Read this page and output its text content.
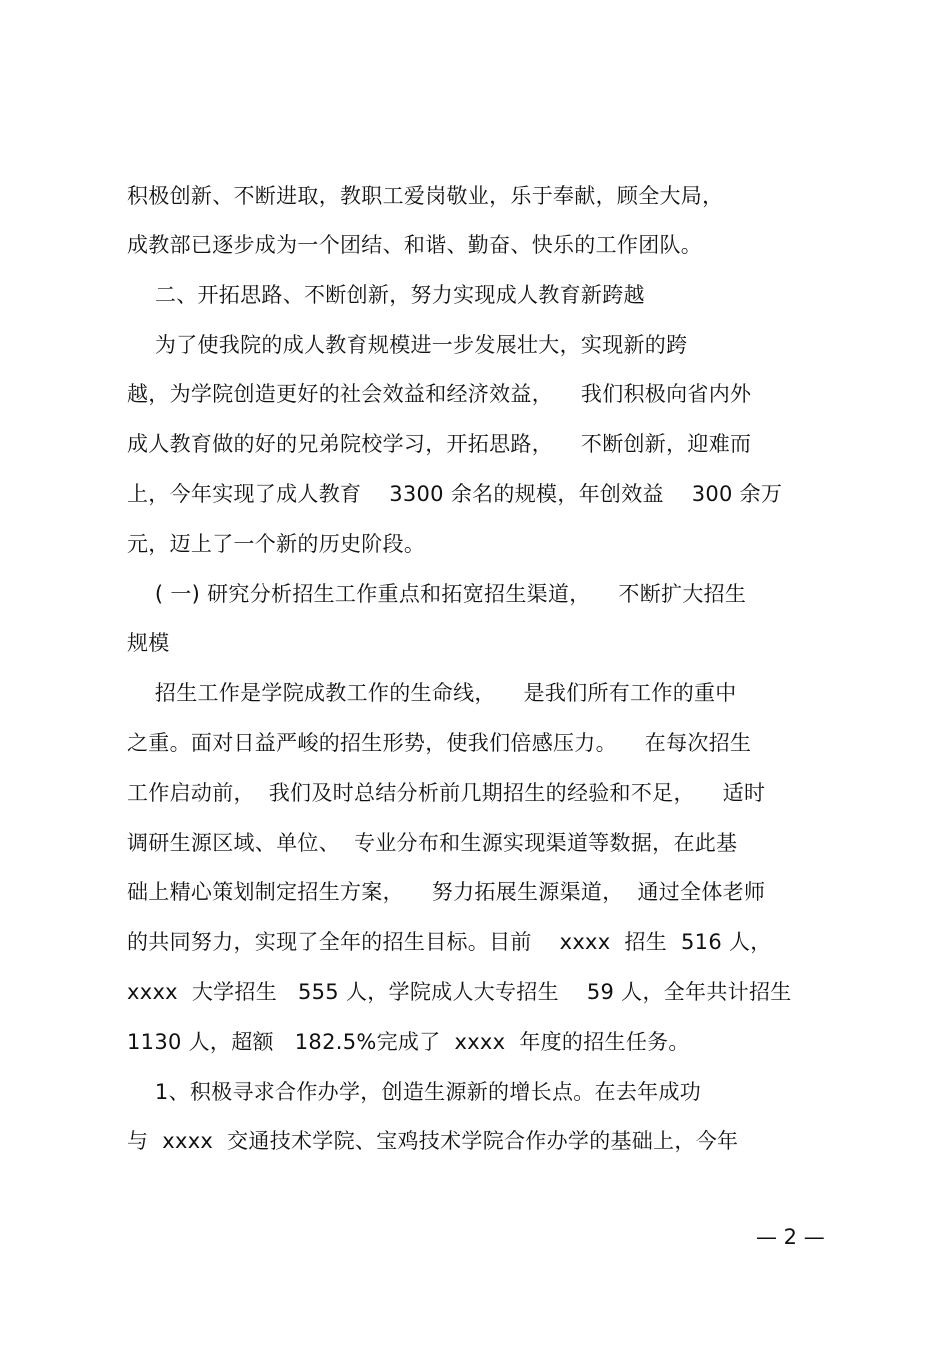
积极创新、不断进取，教职工爱岗敬业，乐于奉献，顾全大局，
成教部已逐步成为一个团结、和谐、勤奋、快乐的工作团队。
二、开拓思路、不断创新，努力实现成人教育新跨越
为了使我院的成人教育规模进一步发展壮大，实现新的跨
越，为学院创造更好的社会效益和经济效益，    我们积极向省内外
成人教育做的好的兄弟院校学习，开拓思路，    不断创新，迎难而
上，今年实现了成人教育    3300 余名的规模，年创效益    300 余万
元，迈上了一个新的历史阶段。
( 一) 研究分析招生工作重点和拓宽招生渠道，    不断扩大招生
规模
招生工作是学院成教工作的生命线，    是我们所有工作的重中
之重。面对日益严峻的招生形势，使我们倍感压力。    在每次招生
工作启动前，  我们及时总结分析前几期招生的经验和不足，    适时
调研生源区域、单位、  专业分布和生源实现渠道等数据，在此基
础上精心策划制定招生方案，    努力拓展生源渠道，  通过全体老师
的共同努力，实现了全年的招生目标。目前    xxxx  招生  516 人，
xxxx  大学招生   555 人，学院成人大专招生    59 人，全年共计招生
1130 人，超额   182.5%完成了  xxxx  年度的招生任务。
1、积极寻求合作办学，创造生源新的增长点。在去年成功
与  xxxx  交通技术学院、宝鸡技术学院合作办学的基础上，今年
— 2 —
